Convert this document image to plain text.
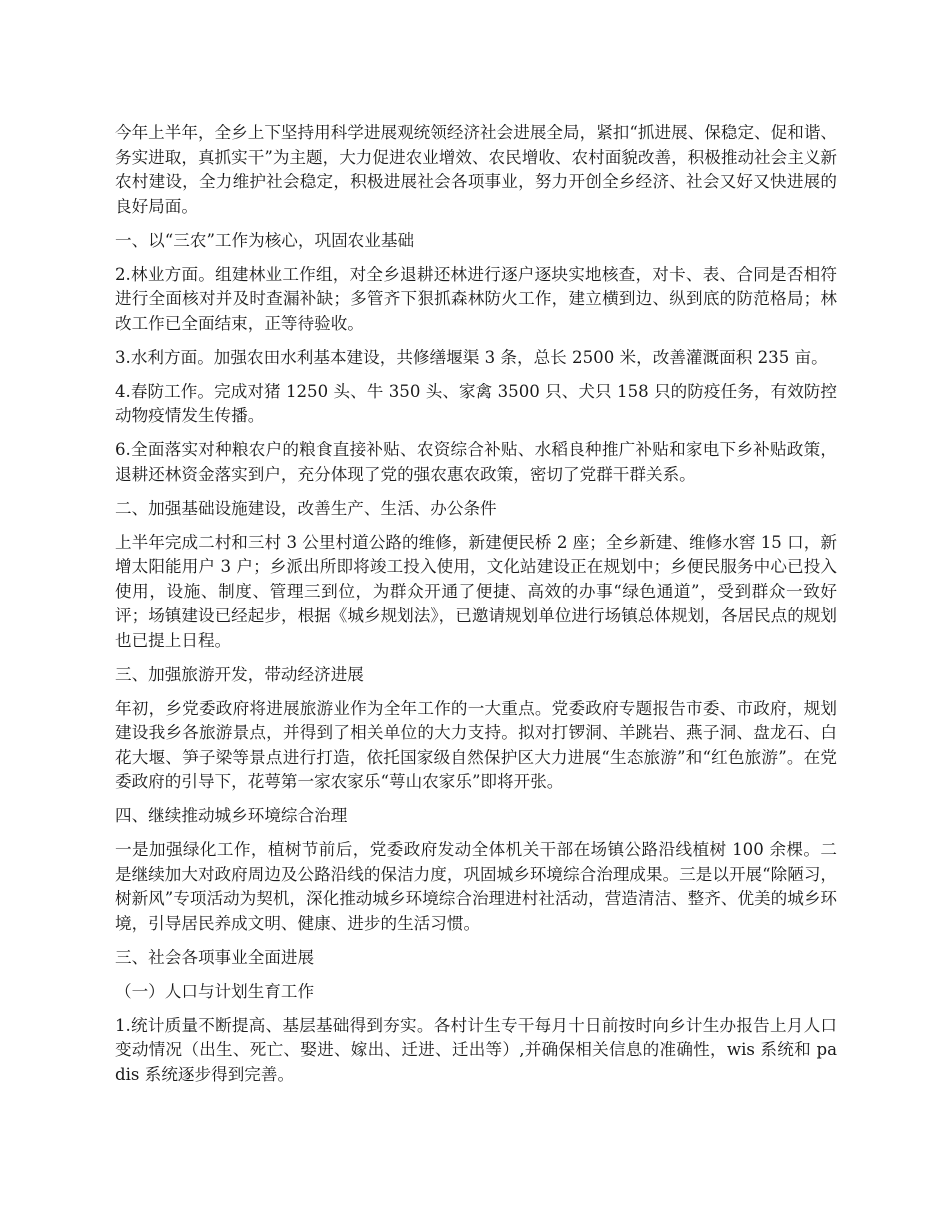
今年上半年，全乡上下坚持用科学进展观统领经济社会进展全局，紧扣“抓进展、保稳定、促和谐、务实进取，真抓实干”为主题，大力促进农业增效、农民增收、农村面貌改善，积极推动社会主义新农村建设，全力维护社会稳定，积极进展社会各项事业，努力开创全乡经济、社会又好又快进展的良好局面。

一、以“三农”工作为核心，巩固农业基础

2.林业方面。组建林业工作组，对全乡退耕还林进行逐户逐块实地核查，对卡、表、合同是否相符进行全面核对并及时查漏补缺；多管齐下狠抓森林防火工作，建立横到边、纵到底的防范格局；林改工作已全面结束，正等待验收。

3.水利方面。加强农田水利基本建设，共修缮堰渠 3 条，总长 2500 米，改善灌溉面积 235 亩。

4.春防工作。完成对猪 1250 头、牛 350 头、家禽 3500 只、犬只 158 只的防疫任务，有效防控动物疫情发生传播。

6.全面落实对种粮农户的粮食直接补贴、农资综合补贴、水稻良种推广补贴和家电下乡补贴政策，退耕还林资金落实到户，充分体现了党的强农惠农政策，密切了党群干群关系。

二、加强基础设施建设，改善生产、生活、办公条件

上半年完成二村和三村 3 公里村道公路的维修，新建便民桥 2 座；全乡新建、维修水窖 15 口，新增太阳能用户 3 户；乡派出所即将竣工投入使用，文化站建设正在规划中；乡便民服务中心已投入使用，设施、制度、管理三到位，为群众开通了便捷、高效的办事“绿色通道”，受到群众一致好评；场镇建设已经起步，根据《城乡规划法》，已邀请规划单位进行场镇总体规划，各居民点的规划也已提上日程。

三、加强旅游开发，带动经济进展

年初，乡党委政府将进展旅游业作为全年工作的一大重点。党委政府专题报告市委、市政府，规划建设我乡各旅游景点，并得到了相关单位的大力支持。拟对打锣洞、羊跳岩、燕子洞、盘龙石、白花大堰、笋子梁等景点进行打造，依托国家级自然保护区大力进展“生态旅游”和“红色旅游”。在党委政府的引导下，花萼第一家农家乐“萼山农家乐”即将开张。

四、继续推动城乡环境综合治理

一是加强绿化工作，植树节前后，党委政府发动全体机关干部在场镇公路沿线植树 100 余棵。二是继续加大对政府周边及公路沿线的保洁力度，巩固城乡环境综合治理成果。三是以开展“除陋习，树新风”专项活动为契机，深化推动城乡环境综合治理进村社活动，营造清洁、整齐、优美的城乡环境，引导居民养成文明、健康、进步的生活习惯。

三、社会各项事业全面进展

（一）人口与计划生育工作

1.统计质量不断提高、基层基础得到夯实。各村计生专干每月十日前按时向乡计生办报告上月人口变动情况（出生、死亡、娶进、嫁出、迁进、迁出等）,并确保相关信息的准确性，wis 系统和 padis 系统逐步得到完善。
